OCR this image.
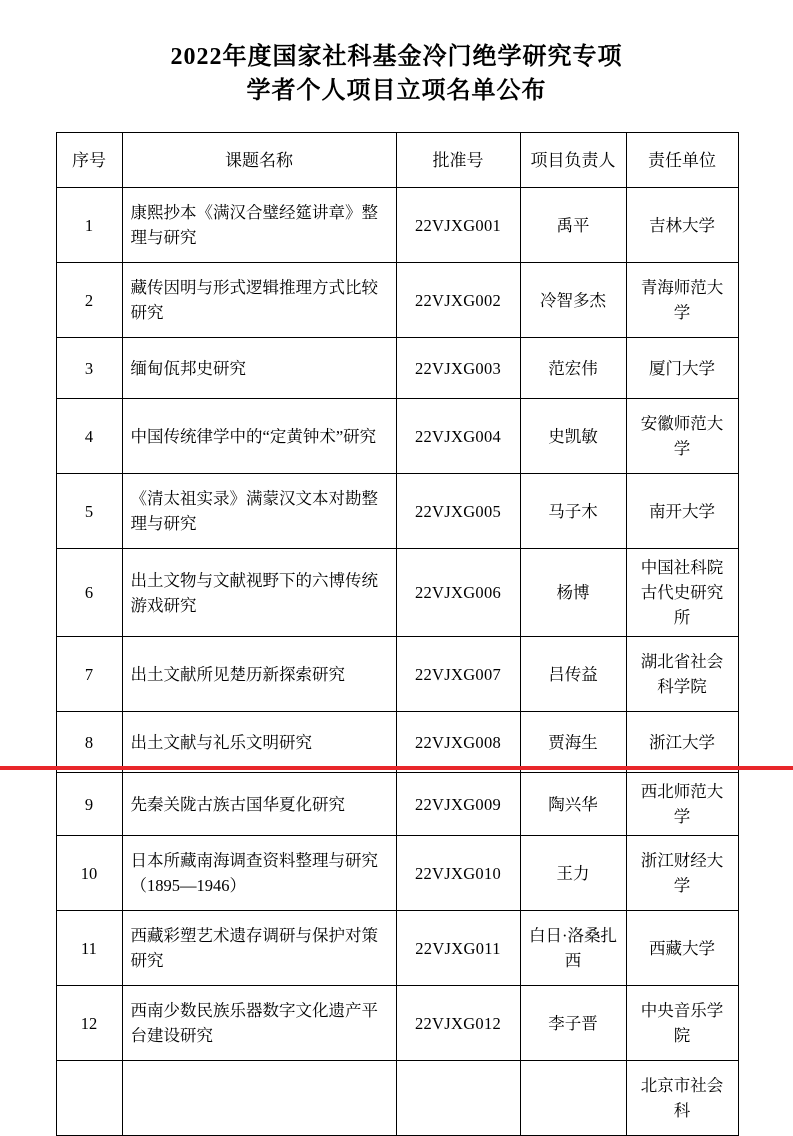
2022年度国家社科基金冷门绝学研究专项
学者个人项目立项名单公布
序号	课题名称	批准号	项目负责人	责任单位
1	康熙抄本《满汉合璧经筵讲章》整理与研究	22VJXG001	禹平	吉林大学
2	藏传因明与形式逻辑推理方式比较研究	22VJXG002	冷智多杰	青海师范大学
3	缅甸佤邦史研究	22VJXG003	范宏伟	厦门大学
4	中国传统律学中的“定黄钟术”研究	22VJXG004	史凯敏	安徽师范大学
5	《清太祖实录》满蒙汉文本对勘整理与研究	22VJXG005	马子木	南开大学
6	出土文物与文献视野下的六博传统游戏研究	22VJXG006	杨博	中国社科院古代史研究所
7	出土文献所见楚历新探索研究	22VJXG007	吕传益	湖北省社会科学院
8	出土文献与礼乐文明研究	22VJXG008	贾海生	浙江大学
9	先秦关陇古族古国华夏化研究	22VJXG009	陶兴华	西北师范大学
10	日本所藏南海调查资料整理与研究（1895—1946）	22VJXG010	王力	浙江财经大学
11	西藏彩塑艺术遗存调研与保护对策研究	22VJXG011	白日·洛桑扎西	西藏大学
12	西南少数民族乐器数字文化遗产平台建设研究	22VJXG012	李子晋	中央音乐学院
				北京市社会科
